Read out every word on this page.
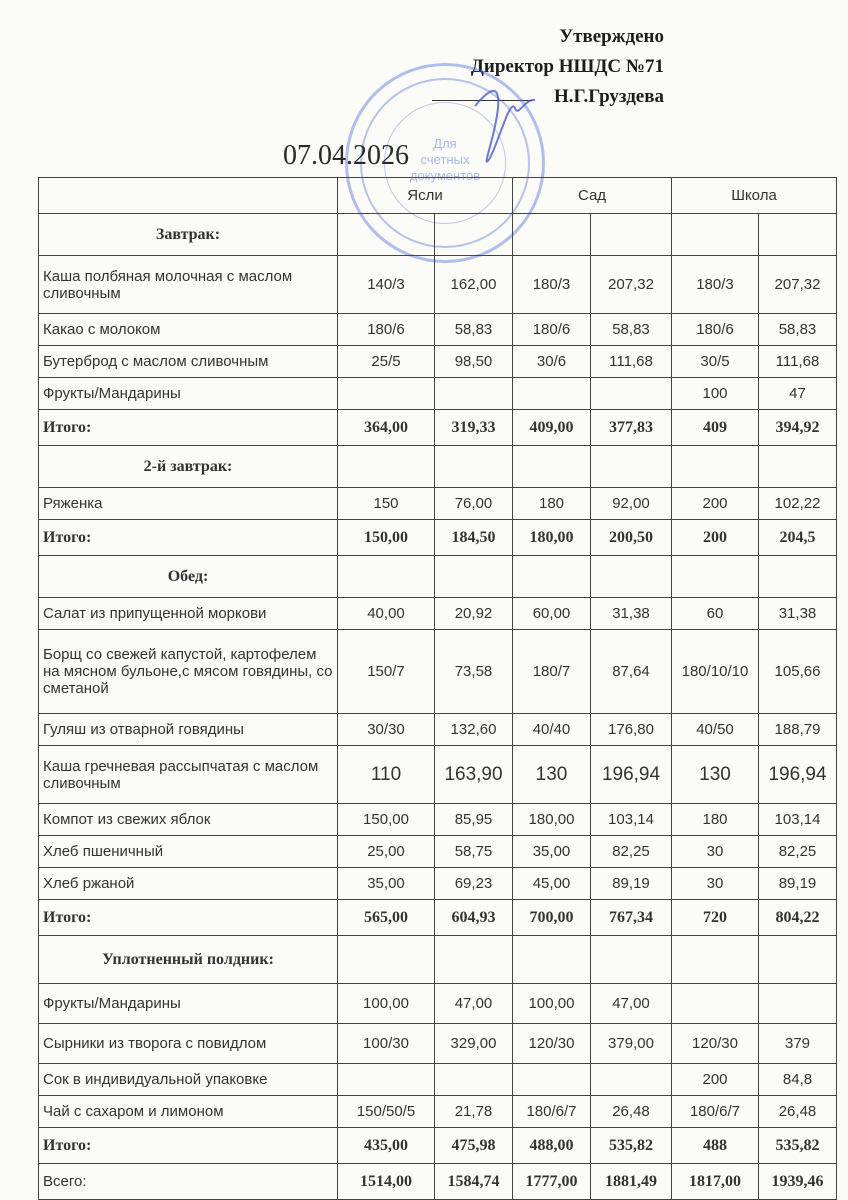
Утверждено
Директор НШДС №71
Н.Г.Груздева
Для
счетных
документов
07.04.2026
	Ясли		Сад		Школа	
Завтрак:						
Каша полбяная молочная с маслом сливочным	140/3	162,00	180/3	207,32	180/3	207,32
Какао с молоком	180/6	58,83	180/6	58,83	180/6	58,83
Бутерброд с маслом сливочным	25/5	98,50	30/6	111,68	30/5	111,68
Фрукты/Мандарины					100	47
Итого:	364,00	319,33	409,00	377,83	409	394,92
2-й завтрак:						
Ряженка	150	76,00	180	92,00	200	102,22
Итого:	150,00	184,50	180,00	200,50	200	204,5
Обед:						
Салат из припущенной моркови	40,00	20,92	60,00	31,38	60	31,38
Борщ со свежей капустой, картофелем на мясном бульоне,с мясом говядины, со сметаной	150/7	73,58	180/7	87,64	180/10/10	105,66
Гуляш из отварной говядины	30/30	132,60	40/40	176,80	40/50	188,79
Каша гречневая рассыпчатая с маслом сливочным	110	163,90	130	196,94	130	196,94
Компот из свежих яблок	150,00	85,95	180,00	103,14	180	103,14
Хлеб пшеничный	25,00	58,75	35,00	82,25	30	82,25
Хлеб ржаной	35,00	69,23	45,00	89,19	30	89,19
Итого:	565,00	604,93	700,00	767,34	720	804,22
Уплотненный полдник:						
Фрукты/Мандарины	100,00	47,00	100,00	47,00		
Сырники из творога с повидлом	100/30	329,00	120/30	379,00	120/30	379
Сок в индивидуальной упаковке					200	84,8
Чай с сахаром и лимоном	150/50/5	21,78	180/6/7	26,48	180/6/7	26,48
Итого:	435,00	475,98	488,00	535,82	488	535,82
Всего:	1514,00	1584,74	1777,00	1881,49	1817,00	1939,46
